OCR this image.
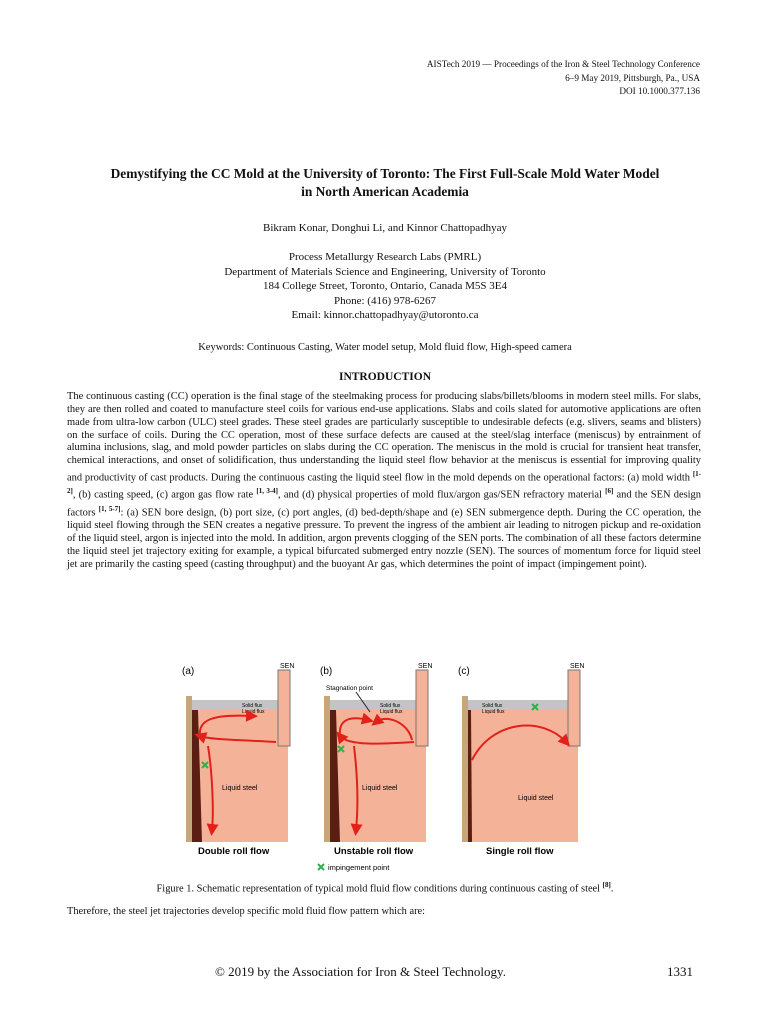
AISTech 2019 — Proceedings of the Iron & Steel Technology Conference
6–9 May 2019, Pittsburgh, Pa., USA
DOI 10.1000.377.136
Demystifying the CC Mold at the University of Toronto: The First Full-Scale Mold Water Model
in North American Academia
Bikram Konar, Donghui Li, and Kinnor Chattopadhyay
Process Metallurgy Research Labs (PMRL)
Department of Materials Science and Engineering, University of Toronto
184 College Street, Toronto, Ontario, Canada M5S 3E4
Phone: (416) 978-6267
Email: kinnor.chattopadhyay@utoronto.ca
Keywords: Continuous Casting, Water model setup, Mold fluid flow, High-speed camera
INTRODUCTION
The continuous casting (CC) operation is the final stage of the steelmaking process for producing slabs/billets/blooms in modern steel mills. For slabs, they are then rolled and coated to manufacture steel coils for various end-use applications. Slabs and coils slated for automotive applications are often made from ultra-low carbon (ULC) steel grades. These steel grades are particularly susceptible to undesirable defects (e.g. slivers, seams and blisters) on the surface of coils. During the CC operation, most of these surface defects are caused at the steel/slag interface (meniscus) by entrainment of alumina inclusions, slag, and mold powder particles on slabs during the CC operation. The meniscus in the mold is crucial for transient heat transfer, chemical interactions, and onset of solidification, thus understanding the liquid steel flow behavior at the meniscus is essential for improving quality and productivity of cast products. During the continuous casting the liquid steel flow in the mold depends on the operational factors: (a) mold width [1-2], (b) casting speed, (c) argon gas flow rate [1, 3-4], and (d) physical properties of mold flux/argon gas/SEN refractory material [6] and the SEN design factors [1, 5-7]: (a) SEN bore design, (b) port size, (c) port angles, (d) bed-depth/shape and (e) SEN submergence depth. During the CC operation, the liquid steel flowing through the SEN creates a negative pressure. To prevent the ingress of the ambient air leading to nitrogen pickup and re-oxidation of the liquid steel, argon is injected into the mold. In addition, argon prevents clogging of the SEN ports. The combination of all these factors determine the liquid steel jet trajectory exiting for example, a typical bifurcated submerged entry nozzle (SEN). The sources of momentum force for liquid steel jet are primarily the casting speed (casting throughput) and the buoyant Ar gas, which determines the point of impact (impingement point).
(a)	SEN
Solid flux
Liquid flux
Liquid steel
Double roll flow
(b)	SEN
Stagnation point
Solid flux
Liquid flux
Liquid steel
Unstable roll flow
(c)	SEN
Solid flux
Liquid flux
Liquid steel
Single roll flow
impingement point
Figure 1. Schematic representation of typical mold fluid flow conditions during continuous casting of steel [8].
Therefore, the steel jet trajectories develop specific mold fluid flow pattern which are:
© 2019 by the Association for Iron & Steel Technology.	1331
